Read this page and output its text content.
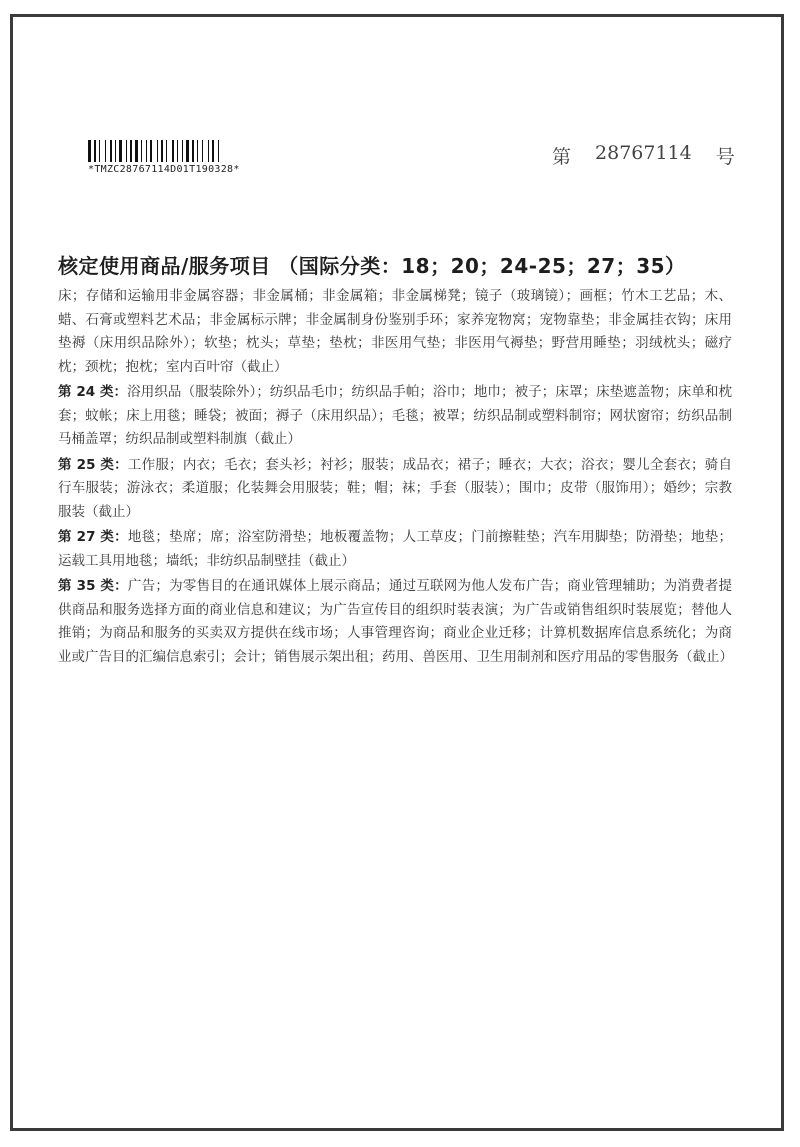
*TMZC28767114D01T190328*
第 28767114 号
核定使用商品/服务项目 （国际分类：18；20；24-25；27；35）

床；存储和运输用非金属容器；非金属桶；非金属箱；非金属梯凳；镜子（玻璃镜）；画框；竹木工艺品；木、蜡、石膏或塑料艺术品；非金属标示牌；非金属制身份鉴别手环；家养宠物窝；宠物靠垫；非金属挂衣钩；床用垫褥（床用织品除外）；软垫；枕头；草垫；垫枕；非医用气垫；非医用气褥垫；野营用睡垫；羽绒枕头；磁疗枕；颈枕；抱枕；室内百叶帘（截止）

第 24 类：浴用织品（服装除外）；纺织品毛巾；纺织品手帕；浴巾；地巾；被子；床罩；床垫遮盖物；床单和枕套；蚊帐；床上用毯；睡袋；被面；褥子（床用织品）；毛毯；被罩；纺织品制或塑料制帘；网状窗帘；纺织品制马桶盖罩；纺织品制或塑料制旗（截止）

第 25 类：工作服；内衣；毛衣；套头衫；衬衫；服装；成品衣；裙子；睡衣；大衣；浴衣；婴儿全套衣；骑自行车服装；游泳衣；柔道服；化装舞会用服装；鞋；帽；袜；手套（服装）；围巾；皮带（服饰用）；婚纱；宗教服装（截止）

第 27 类：地毯；垫席；席；浴室防滑垫；地板覆盖物；人工草皮；门前擦鞋垫；汽车用脚垫；防滑垫；地垫；运载工具用地毯；墙纸；非纺织品制壁挂（截止）

第 35 类：广告；为零售目的在通讯媒体上展示商品；通过互联网为他人发布广告；商业管理辅助；为消费者提供商品和服务选择方面的商业信息和建议；为广告宣传目的组织时装表演；为广告或销售组织时装展览；替他人推销；为商品和服务的买卖双方提供在线市场；人事管理咨询；商业企业迁移；计算机数据库信息系统化；为商业或广告目的汇编信息索引；会计；销售展示架出租；药用、兽医用、卫生用制剂和医疗用品的零售服务（截止）
